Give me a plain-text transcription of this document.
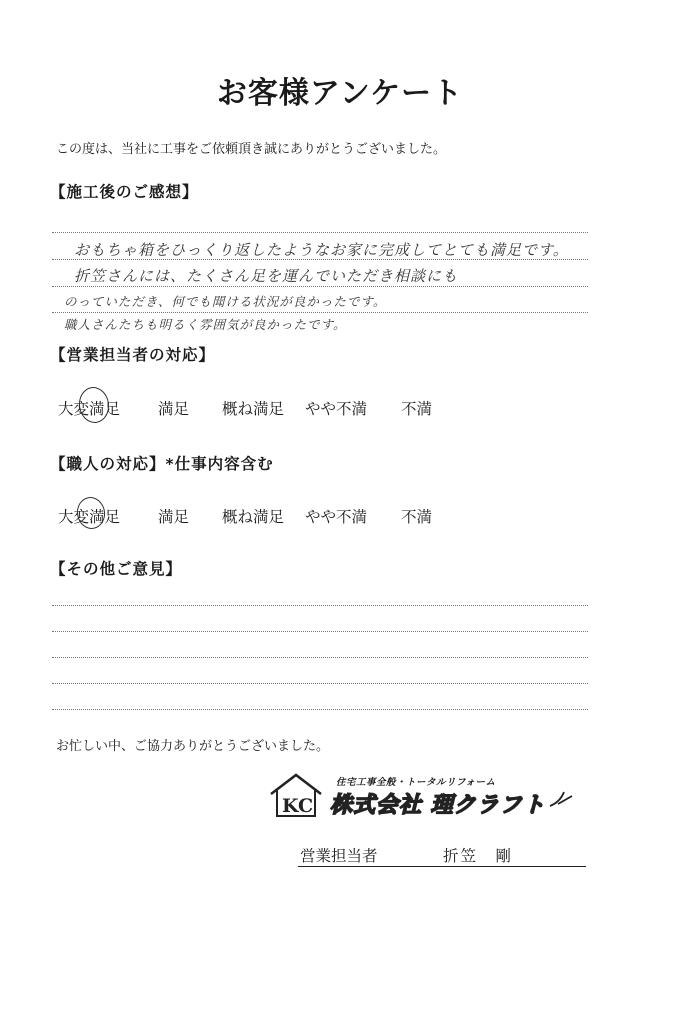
お客様アンケート
この度は、当社に工事をご依頼頂き誠にありがとうございました。
【施工後のご感想】
おもちゃ箱をひっくり返したようなお家に完成してとても満足です。
折笠さんには、たくさん足を運んでいただき相談にも
のっていただき、何でも聞ける状況が良かったです。
職人さんたちも明るく雰囲気が良かったです。
【営業担当者の対応】
大変満足 満足 概ね満足 やや不満 不満
【職人の対応】*仕事内容含む
大変満足 満足 概ね満足 やや不満 不満
【その他ご意見】
お忙しい中、ご協力ありがとうございました。
KC
住宅工事全般・トータルリフォーム
株式会社 理クラフト
営業担当者	折笠　剛
